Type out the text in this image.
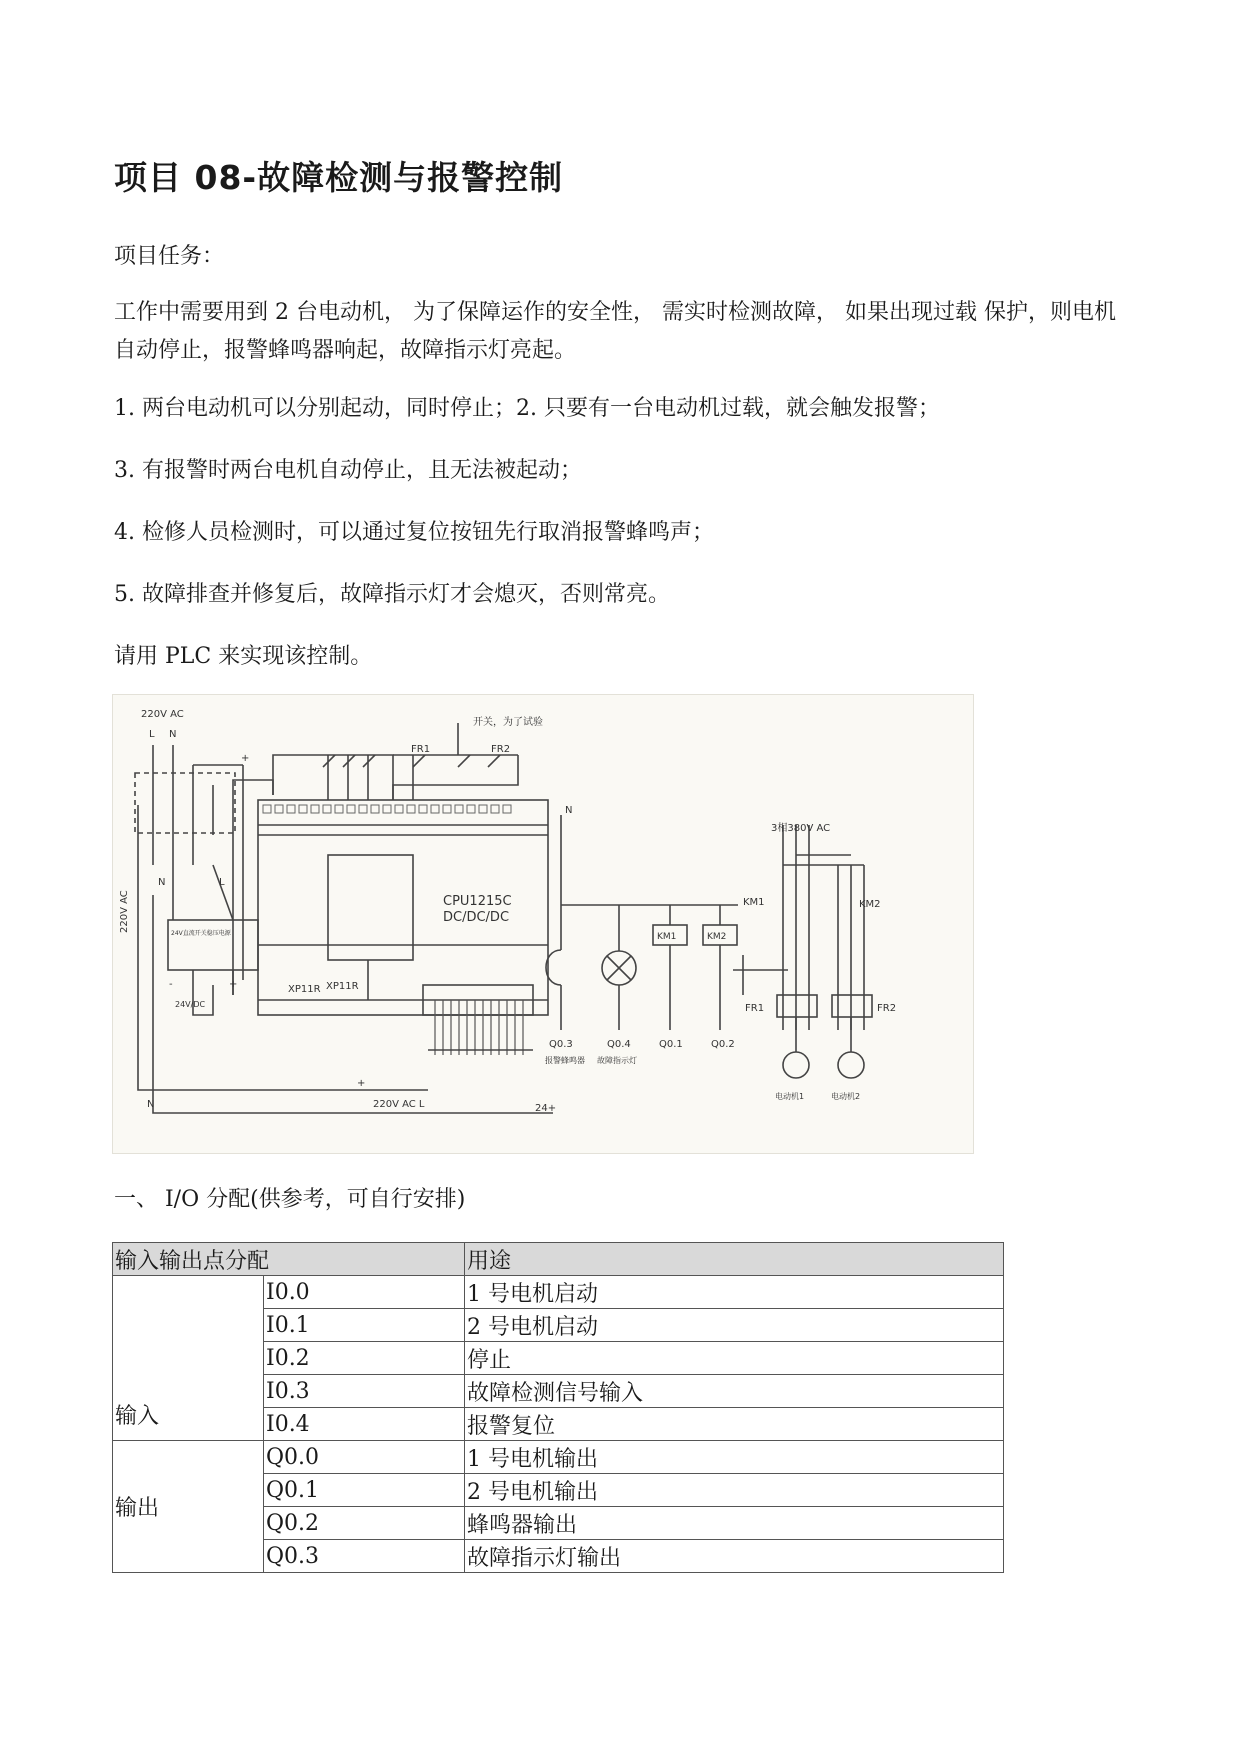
项目 08-故障检测与报警控制
项目任务：
工作中需要用到 2 台电动机， 为了保障运作的安全性， 需实时检测故障， 如果出现过载 保护，则电机自动停止，报警蜂鸣器响起，故障指示灯亮起。
1. 两台电动机可以分别起动，同时停止；2. 只要有一台电动机过载，就会触发报警；
3. 有报警时两台电机自动停止，且无法被起动；
4. 检修人员检测时，可以通过复位按钮先行取消报警蜂鸣声；
5. 故障排查并修复后，故障指示灯才会熄灭，否则常亮。
请用 PLC 来实现该控制。
220V AC
L N
开关，为了试验
FR1	FR2
+
N	L
24V直流开关稳压电源
-	+
24V/DC
220V AC	CPU1215C
DC/DC/DC
XP11R XP11R
+
N	220V AC L	24+
N
Q0.3	Q0.4	Q0.1	Q0.2
报警蜂鸣器 故障指示灯
KM1	KM2
3相380V AC
KM1	KM2
FR1	FR2
电动机1	电动机2
一、 I/O 分配(供参考，可自行安排)
输入输出点分配		用途
输入	I0.0	1 号电机启动
	I0.1	2 号电机启动
	I0.2	停止
	I0.3	故障检测信号输入
	I0.4	报警复位
输出	Q0.0	1 号电机输出
	Q0.1	2 号电机输出
	Q0.2	蜂鸣器输出
	Q0.3	故障指示灯输出
